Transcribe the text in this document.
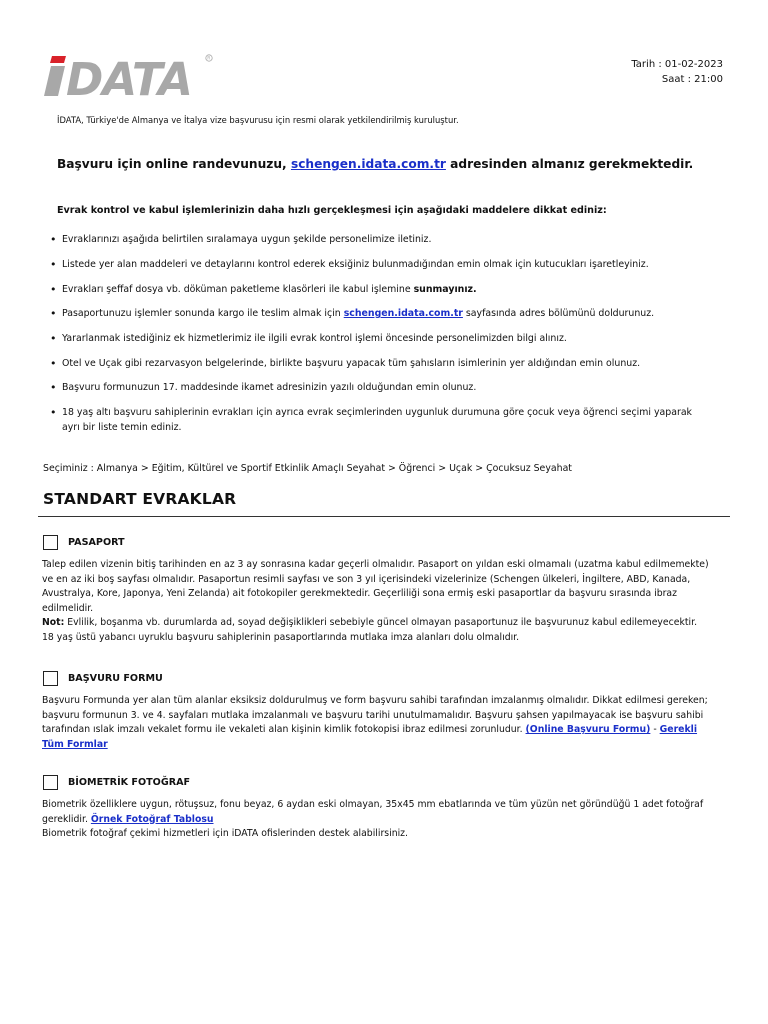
DATA	R	Tarih : 01-02-2023
Saat : 21:00
İDATA, Türkiye'de Almanya ve İtalya vize başvurusu için resmi olarak yetkilendirilmiş kuruluştur.
Başvuru için online randevunuzu, schengen.idata.com.tr adresinden almanız gerekmektedir.
Evrak kontrol ve kabul işlemlerinizin daha hızlı gerçekleşmesi için aşağıdaki maddelere dikkat ediniz:
• Evraklarınızı aşağıda belirtilen sıralamaya uygun şekilde personelimize iletiniz.
• Listede yer alan maddeleri ve detaylarını kontrol ederek eksiğiniz bulunmadığından emin olmak için kutucukları işaretleyiniz.
• Evrakları şeffaf dosya vb. döküman paketleme klasörleri ile kabul işlemine sunmayınız.
• Pasaportunuzu işlemler sonunda kargo ile teslim almak için schengen.idata.com.tr sayfasında adres bölümünü doldurunuz.
• Yararlanmak istediğiniz ek hizmetlerimiz ile ilgili evrak kontrol işlemi öncesinde personelimizden bilgi alınız.
• Otel ve Uçak gibi rezarvasyon belgelerinde, birlikte başvuru yapacak tüm şahısların isimlerinin yer aldığından emin olunuz.
• Başvuru formunuzun 17. maddesinde ikamet adresinizin yazılı olduğundan emin olunuz.
• 18 yaş altı başvuru sahiplerinin evrakları için ayrıca evrak seçimlerinden uygunluk durumuna göre çocuk veya öğrenci seçimi yaparak
ayrı bir liste temin ediniz.
Seçiminiz : Almanya > Eğitim, Kültürel ve Sportif Etkinlik Amaçlı Seyahat > Öğrenci > Uçak > Çocuksuz Seyahat
STANDART EVRAKLAR
PASAPORT
Talep edilen vizenin bitiş tarihinden en az 3 ay sonrasına kadar geçerli olmalıdır. Pasaport on yıldan eski olmamalı (uzatma kabul edilmemekte)
ve en az iki boş sayfası olmalıdır. Pasaportun resimli sayfası ve son 3 yıl içerisindeki vizelerinize (Schengen ülkeleri, İngiltere, ABD, Kanada,
Avustralya, Kore, Japonya, Yeni Zelanda) ait fotokopiler gerekmektedir. Geçerliliği sona ermiş eski pasaportlar da başvuru sırasında ibraz
edilmelidir.
Not: Evlilik, boşanma vb. durumlarda ad, soyad değişiklikleri sebebiyle güncel olmayan pasaportunuz ile başvurunuz kabul edilemeyecektir.
18 yaş üstü yabancı uyruklu başvuru sahiplerinin pasaportlarında mutlaka imza alanları dolu olmalıdır.
BAŞVURU FORMU
Başvuru Formunda yer alan tüm alanlar eksiksiz doldurulmuş ve form başvuru sahibi tarafından imzalanmış olmalıdır. Dikkat edilmesi gereken;
başvuru formunun 3. ve 4. sayfaları mutlaka imzalanmalı ve başvuru tarihi unutulmamalıdır. Başvuru şahsen yapılmayacak ise başvuru sahibi
tarafından ıslak imzalı vekalet formu ile vekaleti alan kişinin kimlik fotokopisi ibraz edilmesi zorunludur. (Online Başvuru Formu) - Gerekli
Tüm Formlar
BİOMETRİK FOTOĞRAF
Biometrik özelliklere uygun, rötuşsuz, fonu beyaz, 6 aydan eski olmayan, 35x45 mm ebatlarında ve tüm yüzün net göründüğü 1 adet fotoğraf
gereklidir. Örnek Fotoğraf Tablosu
Biometrik fotoğraf çekimi hizmetleri için iDATA ofislerinden destek alabilirsiniz.
